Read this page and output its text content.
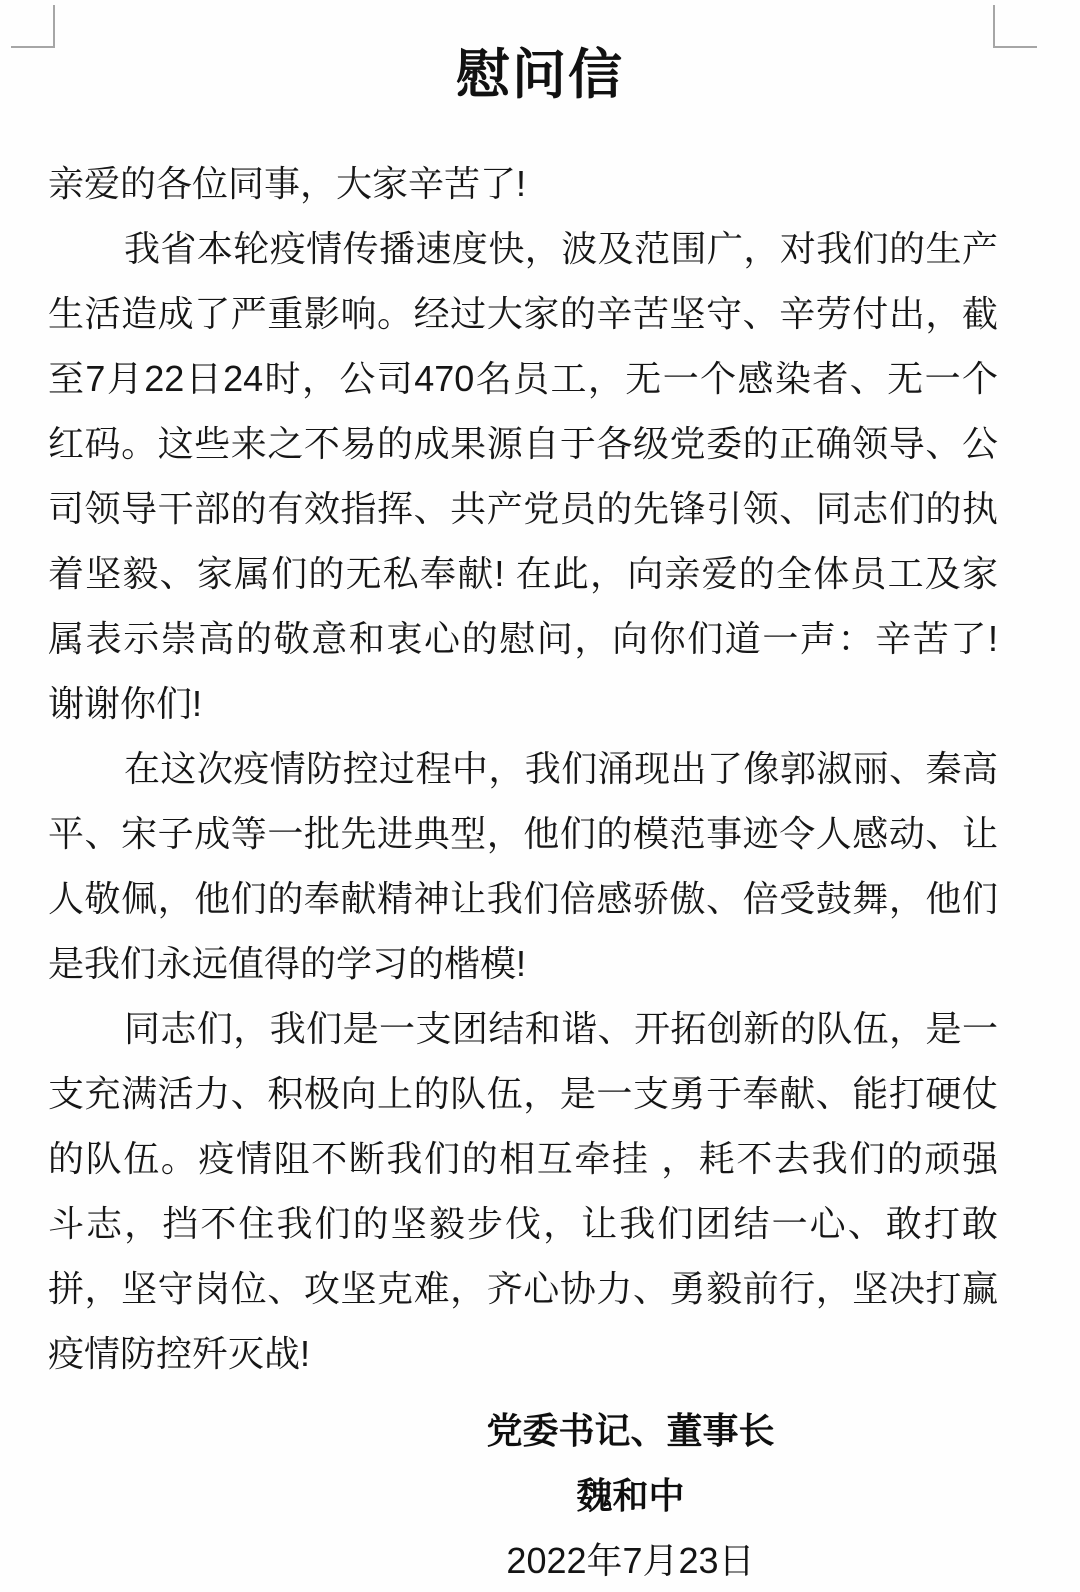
慰问信
亲爱的各位同事，大家辛苦了!
我省本轮疫情传播速度快，波及范围广，对我们的生产
生活造成了严重影响。经过大家的辛苦坚守、辛劳付出，截
至7月22日24时，公司470名员工，无一个感染者、无一个
红码。这些来之不易的成果源自于各级党委的正确领导、公
司领导干部的有效指挥、共产党员的先锋引领、同志们的执
着坚毅、家属们的无私奉献! 在此，向亲爱的全体员工及家
属表示崇高的敬意和衷心的慰问，向你们道一声：辛苦了!
谢谢你们!
在这次疫情防控过程中，我们涌现出了像郭淑丽、秦高
平、宋子成等一批先进典型，他们的模范事迹令人感动、让
人敬佩，他们的奉献精神让我们倍感骄傲、倍受鼓舞，他们
是我们永远值得的学习的楷模!
同志们，我们是一支团结和谐、开拓创新的队伍，是一
支充满活力、积极向上的队伍，是一支勇于奉献、能打硬仗
的队伍。疫情阻不断我们的相互牵挂 ，耗不去我们的顽强
斗志，挡不住我们的坚毅步伐，让我们团结一心、敢打敢
拼，坚守岗位、攻坚克难，齐心协力、勇毅前行，坚决打赢
疫情防控歼灭战!
党委书记、董事长
魏和中
2022年7月23日
